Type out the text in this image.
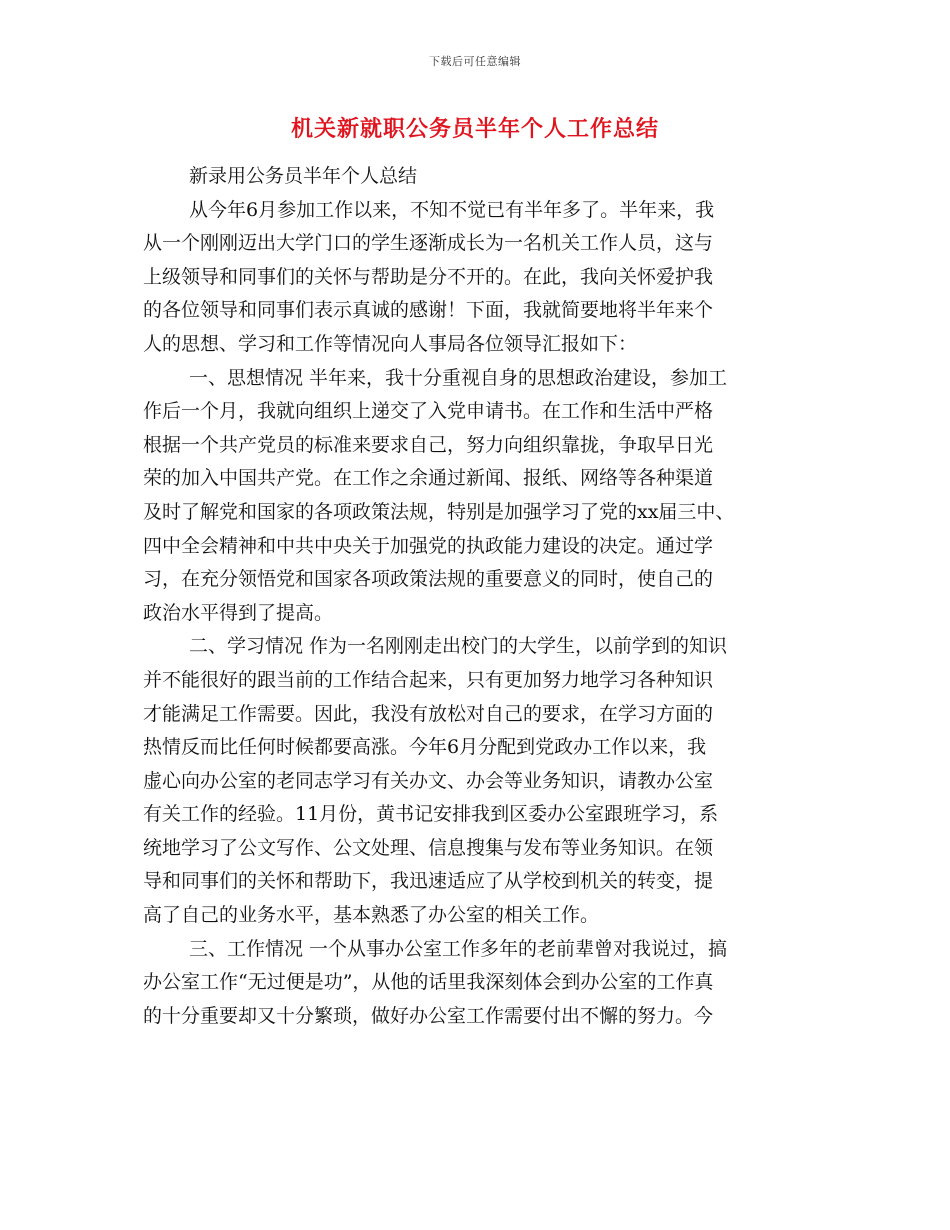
下载后可任意编辑
机关新就职公务员半年个人工作总结
新录用公务员半年个人总结
从今年6月参加工作以来，不知不觉已有半年多了。半年来，我
从一个刚刚迈出大学门口的学生逐渐成长为一名机关工作人员，这与
上级领导和同事们的关怀与帮助是分不开的。在此，我向关怀爱护我
的各位领导和同事们表示真诚的感谢！下面，我就简要地将半年来个
人的思想、学习和工作等情况向人事局各位领导汇报如下：
一、思想情况 半年来，我十分重视自身的思想政治建设，参加工
作后一个月，我就向组织上递交了入党申请书。在工作和生活中严格
根据一个共产党员的标准来要求自己，努力向组织靠拢，争取早日光
荣的加入中国共产党。在工作之余通过新闻、报纸、网络等各种渠道
及时了解党和国家的各项政策法规，特别是加强学习了党的xx届三中、
四中全会精神和中共中央关于加强党的执政能力建设的决定。通过学
习，在充分领悟党和国家各项政策法规的重要意义的同时，使自己的
政治水平得到了提高。
二、学习情况 作为一名刚刚走出校门的大学生，以前学到的知识
并不能很好的跟当前的工作结合起来，只有更加努力地学习各种知识
才能满足工作需要。因此，我没有放松对自己的要求，在学习方面的
热情反而比任何时候都要高涨。今年6月分配到党政办工作以来，我
虚心向办公室的老同志学习有关办文、办会等业务知识，请教办公室
有关工作的经验。11月份，黄书记安排我到区委办公室跟班学习，系
统地学习了公文写作、公文处理、信息搜集与发布等业务知识。在领
导和同事们的关怀和帮助下，我迅速适应了从学校到机关的转变，提
高了自己的业务水平，基本熟悉了办公室的相关工作。
三、工作情况 一个从事办公室工作多年的老前辈曾对我说过，搞
办公室工作“无过便是功”，从他的话里我深刻体会到办公室的工作真
的十分重要却又十分繁琐，做好办公室工作需要付出不懈的努力。今
